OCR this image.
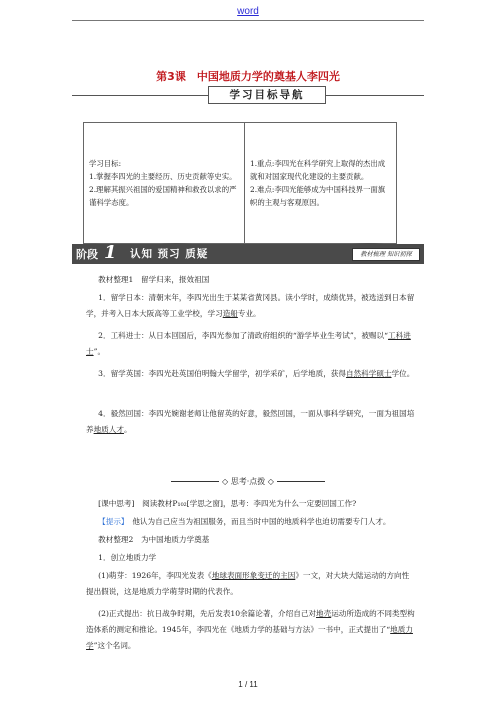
word
第3课　中国地质力学的奠基人李四光
学习目标导航
学习目标:
1.掌握李四光的主要经历、历史贡献等史实。
2.理解其振兴祖国的爱国精神和救孜以求的严谨科学态度。

1.重点:李四光在科学研究上取得的杰出成就和对国家现代化建设的主要贡献。
2.难点:李四光能够成为中国科技界一面旗帜的主观与客观原因。
阶段 1 认知 预习 质疑	教材梳理 知识初探
教材整理1　留学归来，报效祖国
1．留学日本：清朝末年，李四光出生于某某省黄冈县。读小学时，成绩优异，被选送到日本留学，并考入日本大阪高等工业学校，学习造船专业。
2．工科进士：从日本回国后，李四光参加了清政府组织的“游学毕业生考试”，被赐以“工科进士”。
3．留学英国：李四光赴英国伯明翰大学留学，初学采矿，后学地质，获得自然科学硕士学位。
4．毅然回国：李四光婉谢老师让他留英的好意，毅然回国，一面从事科学研究，一面为祖国培养地质人才。
◇ 思考·点拨 ◇
[课中思考]　 阅读教材P₁₀₂[学思之窗]，思考：李四光为什么一定要回国工作?
【提示】　 他认为自己应当为祖国服务，而且当时中国的地质科学也迫切需要专门人才。
教材整理2　为中国地质力学奠基
1．创立地质力学
(1)萌芽：1926年，李四光发表《地球表面形象变迁的主因》一文，对大块大陆运动的方向性提出假说，这是地质力学萌芽时期的代表作。
(2)正式提出：抗日战争时期，先后发表10余篇论著，介绍自己对地壳运动所造成的不同类型构造体系的测定和推论。1945年，李四光在《地质力学的基础与方法》一书中，正式提出了“地质力学”这个名词。
1 / 11
